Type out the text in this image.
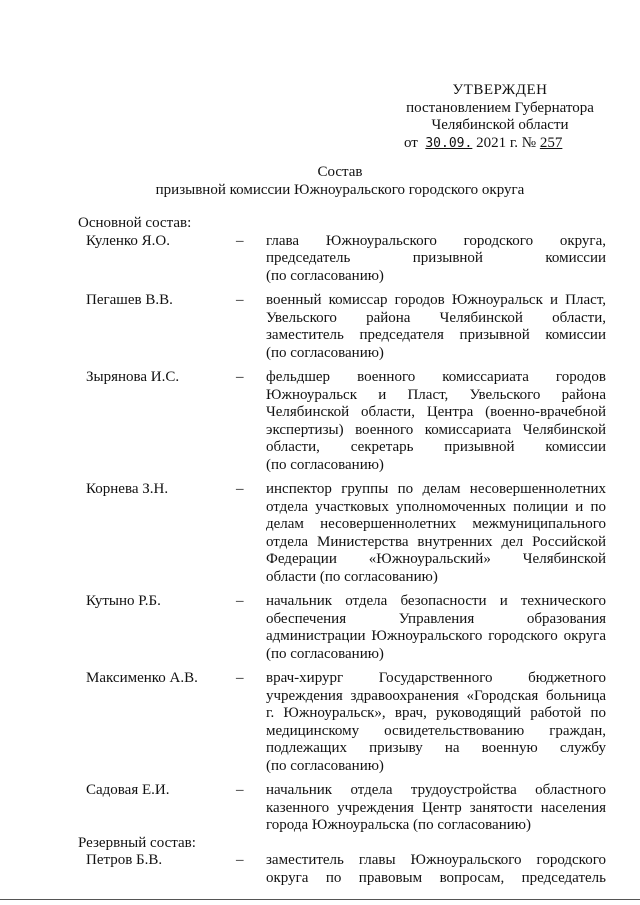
УТВЕРЖДЕН
постановлением Губернатора
Челябинской области
от 30.09. 2021 г. № 257
Состав
призывной комиссии Южноуральского городского округа
Основной состав:
Куленко Я.О.	–	глава Южноуральского городского округа,
председатель призывной комиссии
(по согласованию)
Пегашев В.В.	–	военный комиссар городов Южноуральск и Пласт,
Увельского района Челябинской области,
заместитель председателя призывной комиссии
(по согласованию)
Зырянова И.С.	–	фельдшер военного комиссариата городов
Южноуральск и Пласт, Увельского района
Челябинской области, Центра (военно-врачебной
экспертизы) военного комиссариата Челябинской
области, секретарь призывной комиссии
(по согласованию)
Корнева З.Н.	–	инспектор группы по делам несовершеннолетних
отдела участковых уполномоченных полиции и по
делам несовершеннолетних межмуниципального
отдела Министерства внутренних дел Российской
Федерации «Южноуральский» Челябинской
области (по согласованию)
Кутыно Р.Б.	–	начальник отдела безопасности и технического
обеспечения Управления образования
администрации Южноуральского городского округа
(по согласованию)
Максименко А.В.	–	врач-хирург Государственного бюджетного
учреждения здравоохранения «Городская больница
г. Южноуральск», врач, руководящий работой по
медицинскому освидетельствованию граждан,
подлежащих призыву на военную службу
(по согласованию)
Садовая Е.И.	–	начальник отдела трудоустройства областного
казенного учреждения Центр занятости населения
города Южноуральска (по согласованию)
Резервный состав:
Петров Б.В.	–	заместитель главы Южноуральского городского
округа по правовым вопросам, председатель
